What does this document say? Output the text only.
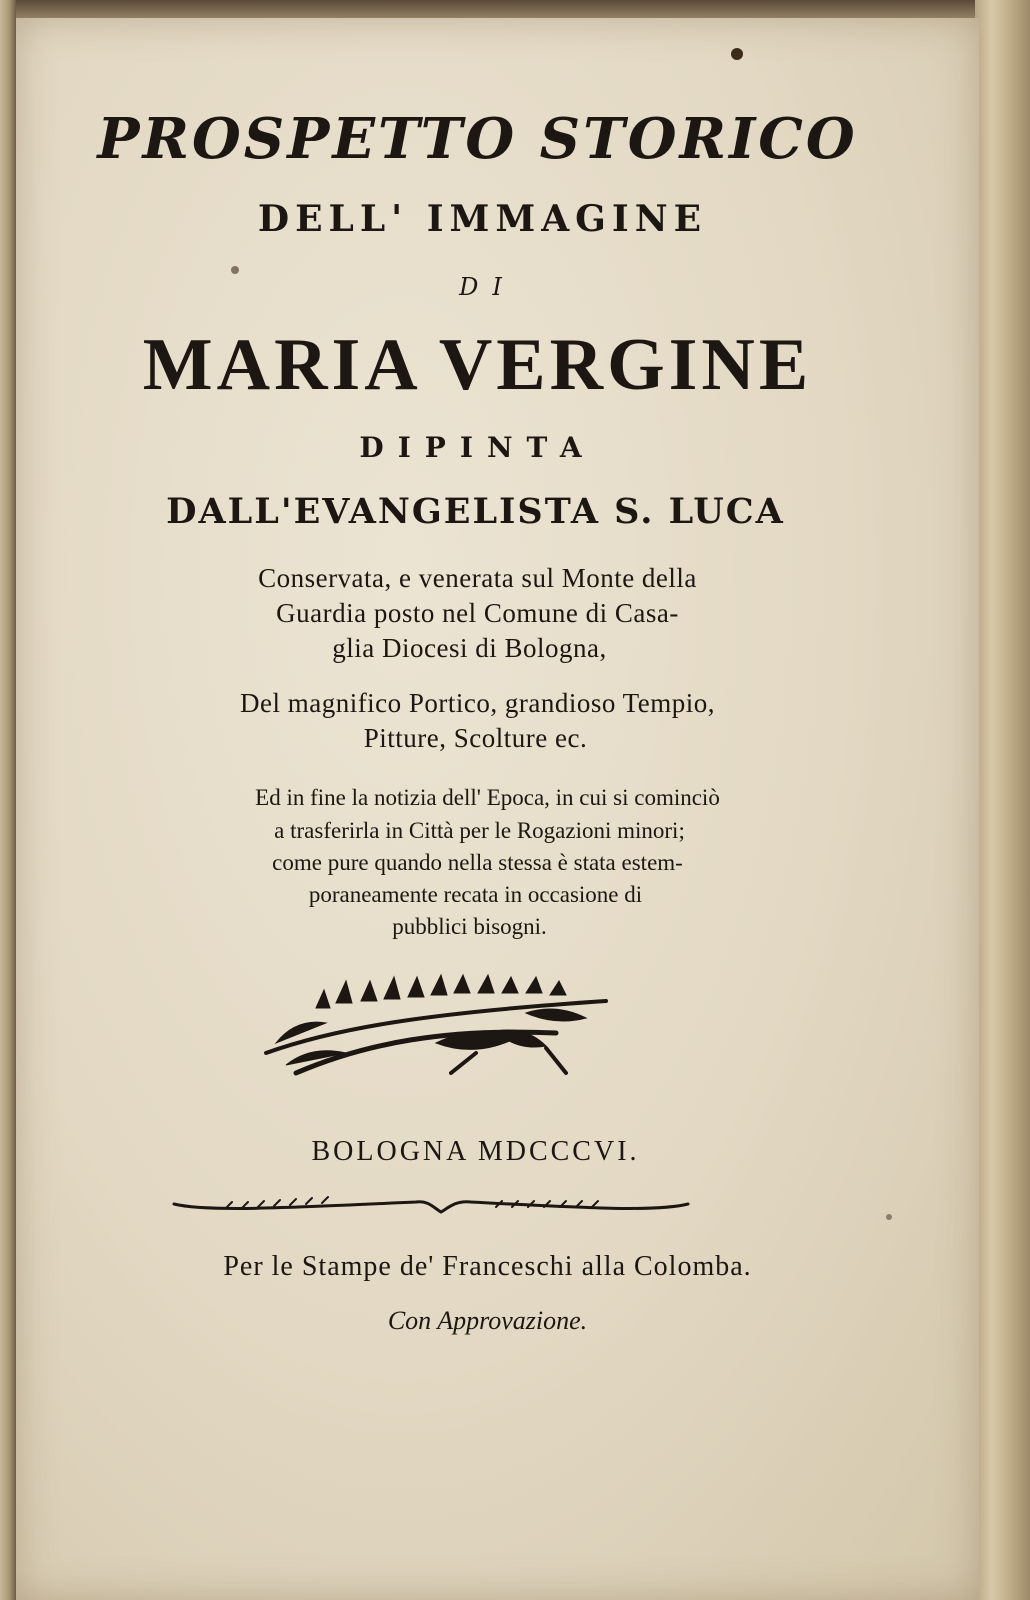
PROSPETTO STORICO

DELL' IMMAGINE

DI

MARIA VERGINE

DIPINTA

DALL'EVANGELISTA S. LUCA

Conservata, e venerata sul Monte della

Guardia posto nel Comune di Casa-

glia Diocesi di Bologna,

Del magnifico Portico, grandioso Tempio,

Pitture, Scolture ec.

Ed in fine la notizia dell' Epoca, in cui si cominciò

a trasferirla in Città per le Rogazioni minori;

come pure quando nella stessa è stata estem-

poraneamente recata in occasione di

pubblici bisogni.

BOLOGNA MDCCCVI.

Per le Stampe de' Franceschi alla Colomba.

Con Approvazione.
